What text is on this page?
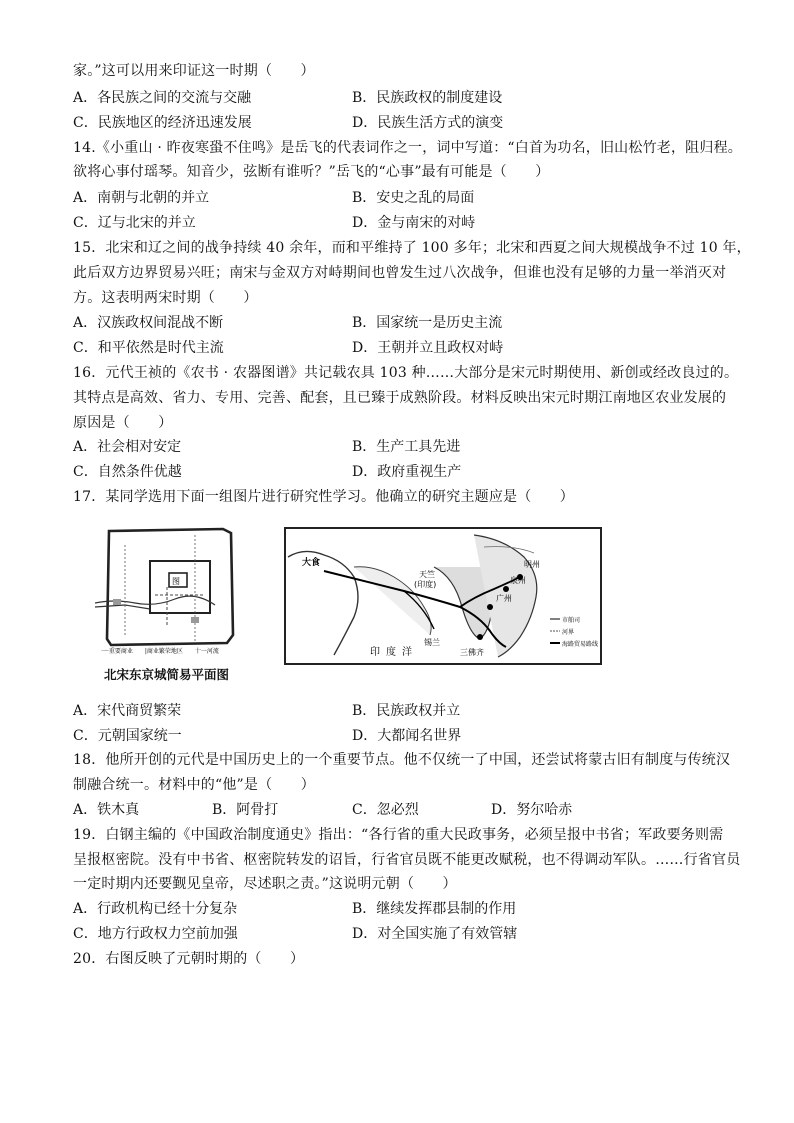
家。”这可以用来印证这一时期（　　）
A．各民族之间的交流与交融	B．民族政权的制度建设
C．民族地区的经济迅速发展	D．民族生活方式的演变
14.《小重山 · 昨夜寒蛩不住鸣》是岳飞的代表词作之一，词中写道：“白首为功名，旧山松竹老，阻归程。
欲将心事付瑶琴。知音少，弦断有谁听？”岳飞的“心事”最有可能是（　　）
A．南朝与北朝的并立	B．安史之乱的局面
C．辽与北宋的并立	D．金与南宋的对峙
15．北宋和辽之间的战争持续 40 余年，而和平维持了 100 多年；北宋和西夏之间大规模战争不过 10 年，
此后双方边界贸易兴旺；南宋与金双方对峙期间也曾发生过八次战争，但谁也没有足够的力量一举消灭对
方。这表明两宋时期（　　）
A．汉族政权间混战不断	B．国家统一是历史主流
C．和平依然是时代主流	D．王朝并立且政权对峙
16．元代王祯的《农书 · 农器图谱》共记载农具 103 种……大部分是宋元时期使用、新创或经改良过的。
其特点是高效、省力、专用、完善、配套，且已臻于成熟阶段。材料反映出宋元时期江南地区农业发展的
原因是（　　）
A．社会相对安定	B．生产工具先进
C．自然条件优越	D．政府重视生产
17．某同学选用下面一组图片进行研究性学习。他确立的研究主题应是（　　）
图
一·重要商业　　|商业繁荣地区　　十一河流
北宋东京城简易平面图
大食
天竺
(印度)
锡兰
印度洋
广州
泉州
明州
三佛齐
市舶司
河界
海路贸易路线
A．宋代商贸繁荣	B．民族政权并立
C．元朝国家统一	D．大都闻名世界
18．他所开创的元代是中国历史上的一个重要节点。他不仅统一了中国，还尝试将蒙古旧有制度与传统汉
制融合统一。材料中的“他”是（　　）
A．铁木真	B．阿骨打	C．忽必烈	D．努尔哈赤
19．白钢主编的《中国政治制度通史》指出：“各行省的重大民政事务，必须呈报中书省；军政要务则需
呈报枢密院。没有中书省、枢密院转发的诏旨，行省官员既不能更改赋税，也不得调动军队。……行省官员
一定时期内还要觐见皇帝，尽述职之责。”这说明元朝（　　）
A．行政机构已经十分复杂	B．继续发挥郡县制的作用
C．地方行政权力空前加强	D．对全国实施了有效管辖
20．右图反映了元朝时期的（　　）
